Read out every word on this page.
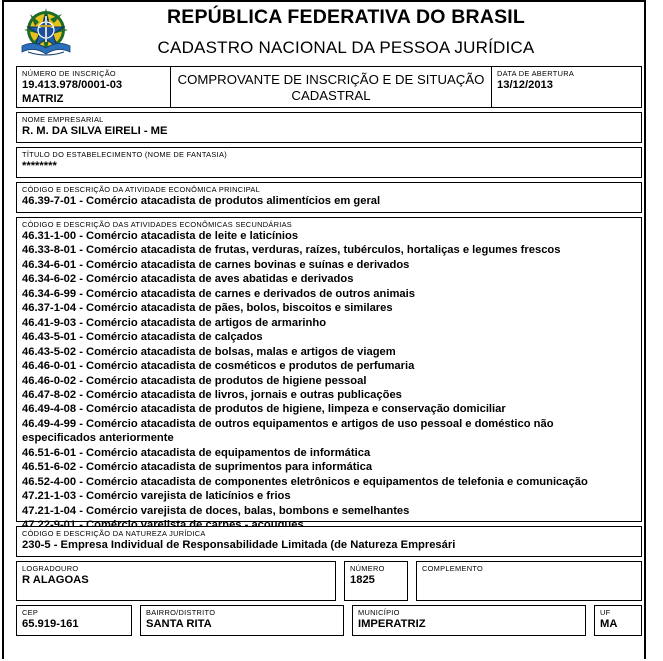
REPÚBLICA FEDERATIVA DO BRASIL
CADASTRO NACIONAL DA PESSOA JURÍDICA
NÚMERO DE INSCRIÇÃO
19.413.978/0001-03
MATRIZ
COMPROVANTE DE INSCRIÇÃO E DE SITUAÇÃO CADASTRAL
DATA DE ABERTURA
13/12/2013
NOME EMPRESARIAL
R. M. DA SILVA EIRELI - ME
TÍTULO DO ESTABELECIMENTO (NOME DE FANTASIA)
********
CÓDIGO E DESCRIÇÃO DA ATIVIDADE ECONÔMICA PRINCIPAL
46.39-7-01 - Comércio atacadista de produtos alimentícios em geral
CÓDIGO E DESCRIÇÃO DAS ATIVIDADES ECONÔMICAS SECUNDÁRIAS
46.31-1-00 - Comércio atacadista de leite e laticínios
46.33-8-01 - Comércio atacadista de frutas, verduras, raízes, tubérculos, hortaliças e legumes frescos
46.34-6-01 - Comércio atacadista de carnes bovinas e suínas e derivados
46.34-6-02 - Comércio atacadista de aves abatidas e derivados
46.34-6-99 - Comércio atacadista de carnes e derivados de outros animais
46.37-1-04 - Comércio atacadista de pães, bolos, biscoitos e similares
46.41-9-03 - Comércio atacadista de artigos de armarinho
46.43-5-01 - Comércio atacadista de calçados
46.43-5-02 - Comércio atacadista de bolsas, malas e artigos de viagem
46.46-0-01 - Comércio atacadista de cosméticos e produtos de perfumaria
46.46-0-02 - Comércio atacadista de produtos de higiene pessoal
46.47-8-02 - Comércio atacadista de livros, jornais e outras publicações
46.49-4-08 - Comércio atacadista de produtos de higiene, limpeza e conservação domiciliar
46.49-4-99 - Comércio atacadista de outros equipamentos e artigos de uso pessoal e doméstico não
especificados anteriormente
46.51-6-01 - Comércio atacadista de equipamentos de informática
46.51-6-02 - Comércio atacadista de suprimentos para informática
46.52-4-00 - Comércio atacadista de componentes eletrônicos e equipamentos de telefonia e comunicação
47.21-1-03 - Comércio varejista de laticínios e frios
47.21-1-04 - Comércio varejista de doces, balas, bombons e semelhantes
CÓDIGO E DESCRIÇÃO DA NATUREZA JURÍDICA
230-5 - Empresa Individual de Responsabilidade Limitada (de Natureza Empresári
LOGRADOURO
R ALAGOAS
NÚMERO
1825
COMPLEMENTO
CEP
65.919-161
BAIRRO/DISTRITO
SANTA RITA
MUNICÍPIO
IMPERATRIZ
UF
MA
